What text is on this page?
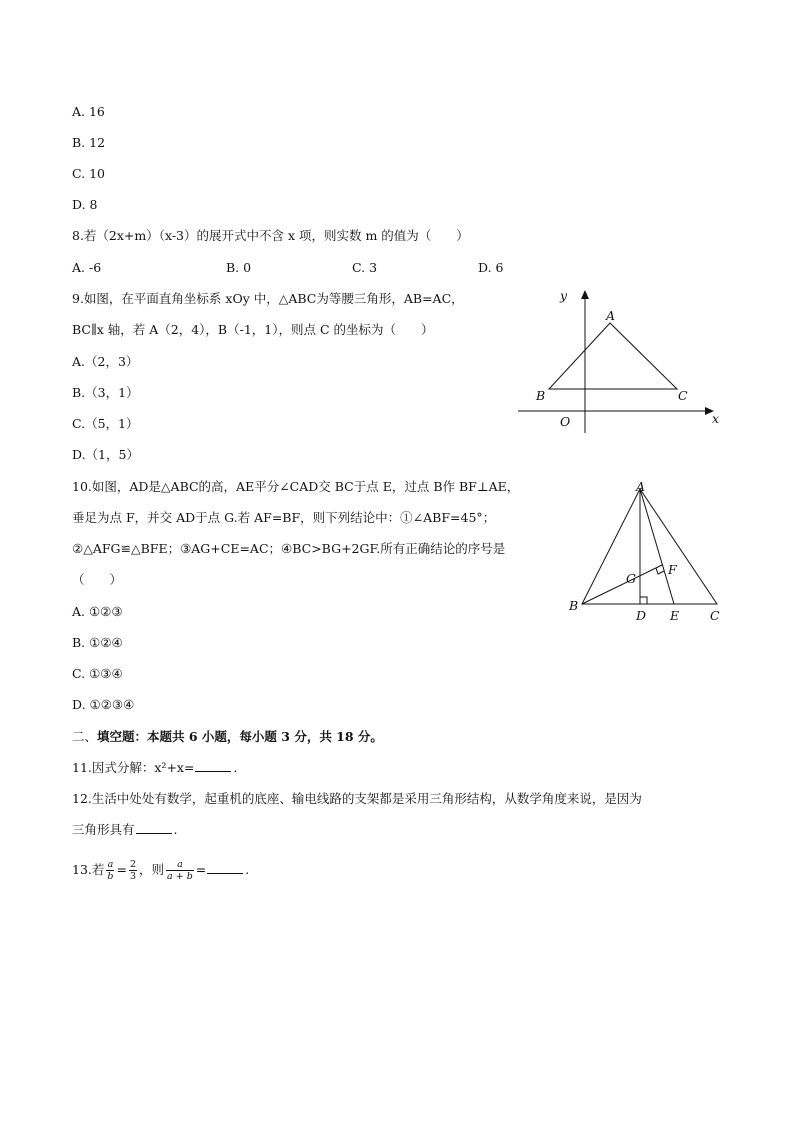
A. 16
B. 12
C. 10
D. 8
8.若（2x+m）（x-3）的展开式中不含 x 项，则实数 m 的值为（　　）
A. -6	B. 0	C. 3	D. 6
9.如图，在平面直角坐标系 xOy 中，△ABC为等腰三角形，AB=AC，
BC∥x 轴，若 A（2，4），B（-1，1），则点 C 的坐标为（　　）
A.（2，3）
B.（3，1）
C.（5，1）
D.（1，5）
y
x
A
B	C
O
10.如图，AD是△ABC的高，AE平分∠CAD交 BC于点 E，过点 B作 BF⊥AE，
垂足为点 F，并交 AD于点 G.若 AF=BF，则下列结论中：①∠ABF=45°；
②△AFG≌△BFE；③AG+CE=AC；④BC>BG+2GF.所有正确结论的序号是
（　　）
A. ①②③
B. ①②④
C. ①③④
D. ①②③④
A
B
C
D E
F
G
二、填空题：本题共 6 小题，每小题 3 分，共 18 分。
11.因式分解：x²+x=	．
12.生活中处处有数学，起重机的底座、输电线路的支架都是采用三角形结构，从数学角度来说，是因为
三角形具有	.
13.若 $\frac{a}{b} = \frac{2}{3}$ ，则 $\frac{a}{a + b}$ =	.
